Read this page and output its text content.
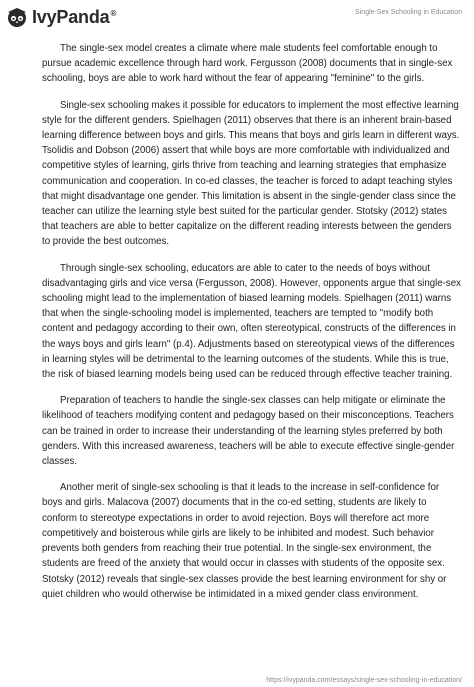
IvyPanda®	Single-Sex Schooling in Education

The single-sex model creates a climate where male students feel comfortable enough to pursue academic excellence through hard work. Fergusson (2008) documents that in single-sex schooling, boys are able to work hard without the fear of appearing "feminine" to the girls.

Single-sex schooling makes it possible for educators to implement the most effective learning style for the different genders. Spielhagen (2011) observes that there is an inherent brain-based learning difference between boys and girls. This means that boys and girls learn in different ways. Tsolidis and Dobson (2006) assert that while boys are more comfortable with individualized and competitive styles of learning, girls thrive from teaching and learning strategies that emphasize communication and cooperation. In co-ed classes, the teacher is forced to adapt teaching styles that might disadvantage one gender. This limitation is absent in the single-gender class since the teacher can utilize the learning style best suited for the particular gender. Stotsky (2012) states that teachers are able to better capitalize on the different reading interests between the genders to provide the best outcomes.

Through single-sex schooling, educators are able to cater to the needs of boys without disadvantaging girls and vice versa (Fergusson, 2008). However, opponents argue that single-sex schooling might lead to the implementation of biased learning models. Spielhagen (2011) warns that when the single-schooling model is implemented, teachers are tempted to "modify both content and pedagogy according to their own, often stereotypical, constructs of the differences in the ways boys and girls learn" (p.4). Adjustments based on stereotypical views of the differences in learning styles will be detrimental to the learning outcomes of the students. While this is true, the risk of biased learning models being used can be reduced through effective teacher training.

Preparation of teachers to handle the single-sex classes can help mitigate or eliminate the likelihood of teachers modifying content and pedagogy based on their misconceptions. Teachers can be trained in order to increase their understanding of the learning styles preferred by both genders. With this increased awareness, teachers will be able to execute effective single-gender classes.

Another merit of single-sex schooling is that it leads to the increase in self-confidence for boys and girls. Malacova (2007) documents that in the co-ed setting, students are likely to conform to stereotype expectations in order to avoid rejection. Boys will therefore act more competitively and boisterous while girls are likely to be inhibited and modest. Such behavior prevents both genders from reaching their true potential. In the single-sex environment, the students are freed of the anxiety that would occur in classes with students of the opposite sex. Stotsky (2012) reveals that single-sex classes provide the best learning environment for shy or quiet children who would otherwise be intimidated in a mixed gender class environment.

https://ivypanda.com/essays/single-sex-schooling-in-education/
